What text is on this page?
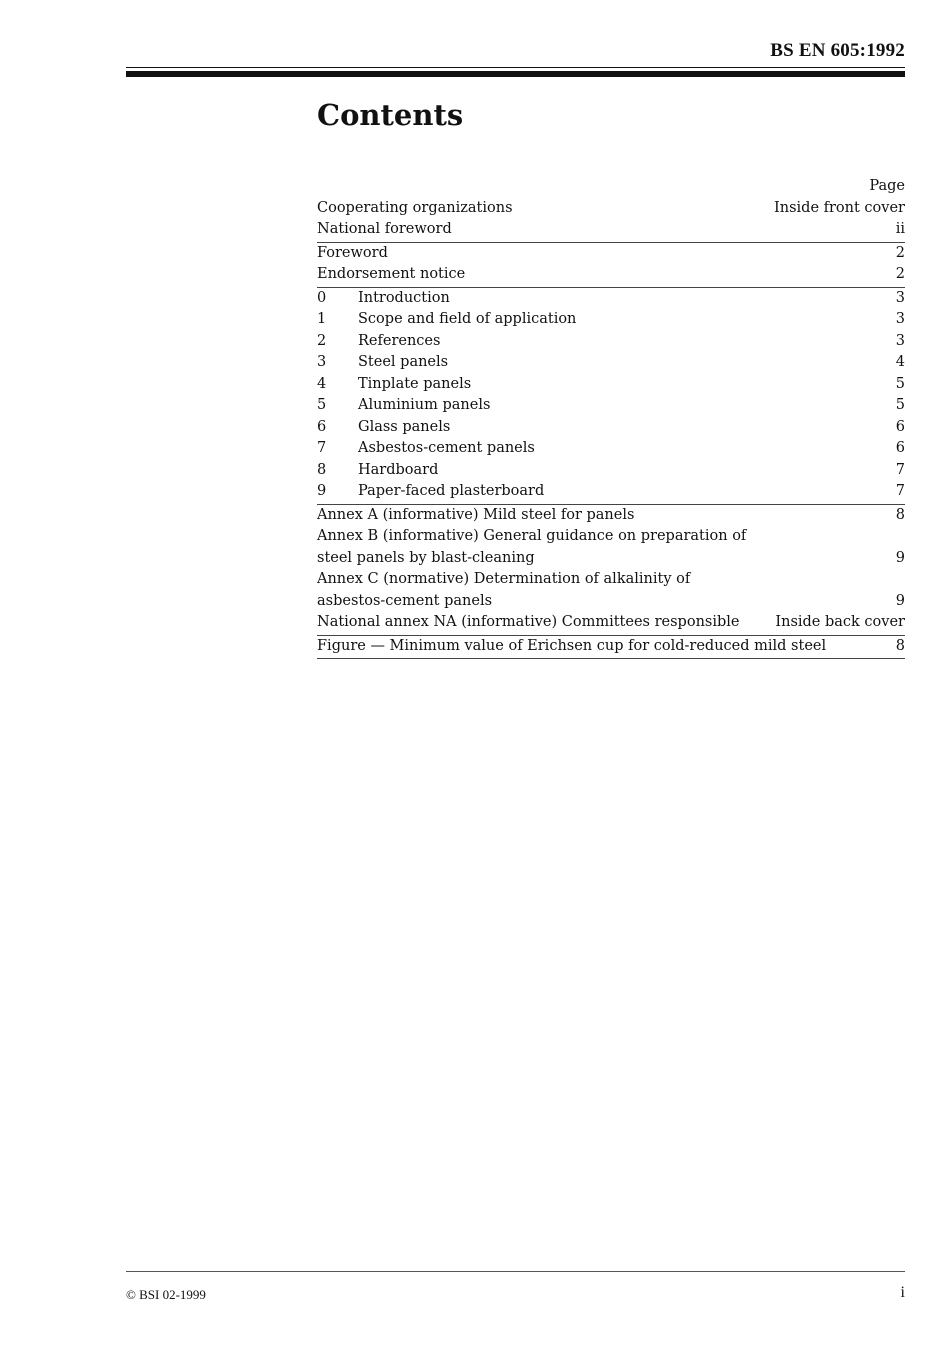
BS EN 605:1992
Contents
Page
Cooperating organizations	Inside front cover
National foreword	ii
Foreword	2
Endorsement notice	2
0 Introduction	3
1 Scope and field of application	3
2 References	3
3 Steel panels	4
4 Tinplate panels	5
5 Aluminium panels	5
6 Glass panels	6
7 Asbestos-cement panels	6
8 Hardboard	7
9 Paper-faced plasterboard	7
Annex A (informative) Mild steel for panels	8
Annex B (informative) General guidance on preparation of
steel panels by blast-cleaning	9
Annex C (normative) Determination of alkalinity of
asbestos-cement panels	9
National annex NA (informative) Committees responsible	Inside back cover
Figure — Minimum value of Erichsen cup for cold-reduced mild steel	8
© BSI 02-1999	i
